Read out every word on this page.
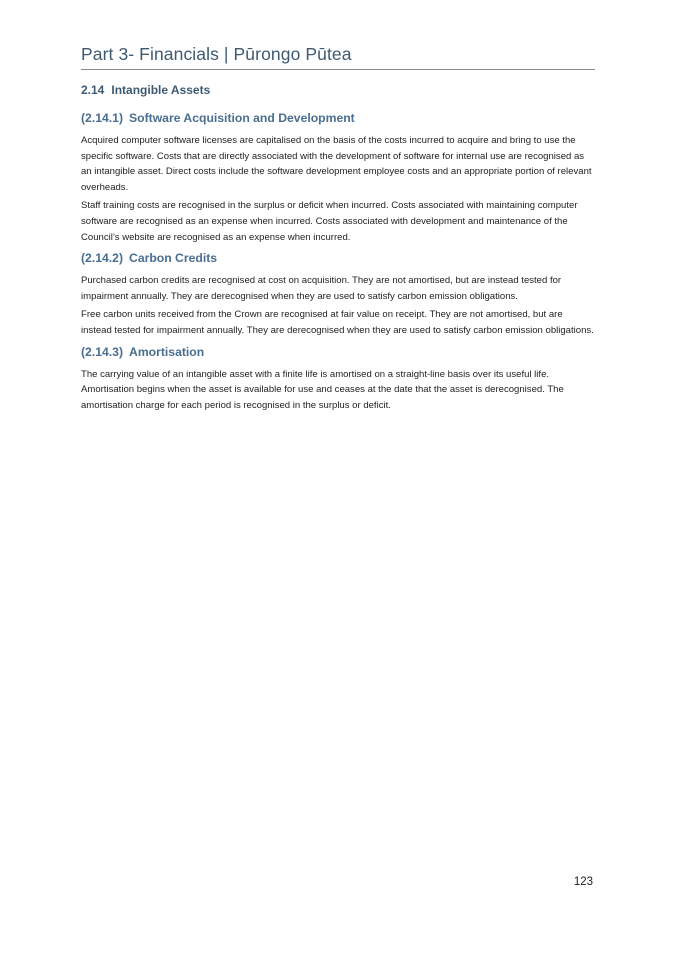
Part 3- Financials | Pūrongo Pūtea
2.14 Intangible Assets
(2.14.1) Software Acquisition and Development

Acquired computer software licenses are capitalised on the basis of the costs incurred to acquire and bring to use the specific software. Costs that are directly associated with the development of software for internal use are recognised as an intangible asset. Direct costs include the software development employee costs and an appropriate portion of relevant overheads.

Staff training costs are recognised in the surplus or deficit when incurred. Costs associated with maintaining computer software are recognised as an expense when incurred. Costs associated with development and maintenance of the Council’s website are recognised as an expense when incurred.

(2.14.2) Carbon Credits

Purchased carbon credits are recognised at cost on acquisition. They are not amortised, but are instead tested for impairment annually. They are derecognised when they are used to satisfy carbon emission obligations.

Free carbon units received from the Crown are recognised at fair value on receipt. They are not amortised, but are instead tested for impairment annually. They are derecognised when they are used to satisfy carbon emission obligations.

(2.14.3) Amortisation

The carrying value of an intangible asset with a finite life is amortised on a straight-line basis over its useful life. Amortisation begins when the asset is available for use and ceases at the date that the asset is derecognised. The amortisation charge for each period is recognised in the surplus or deficit.

123
